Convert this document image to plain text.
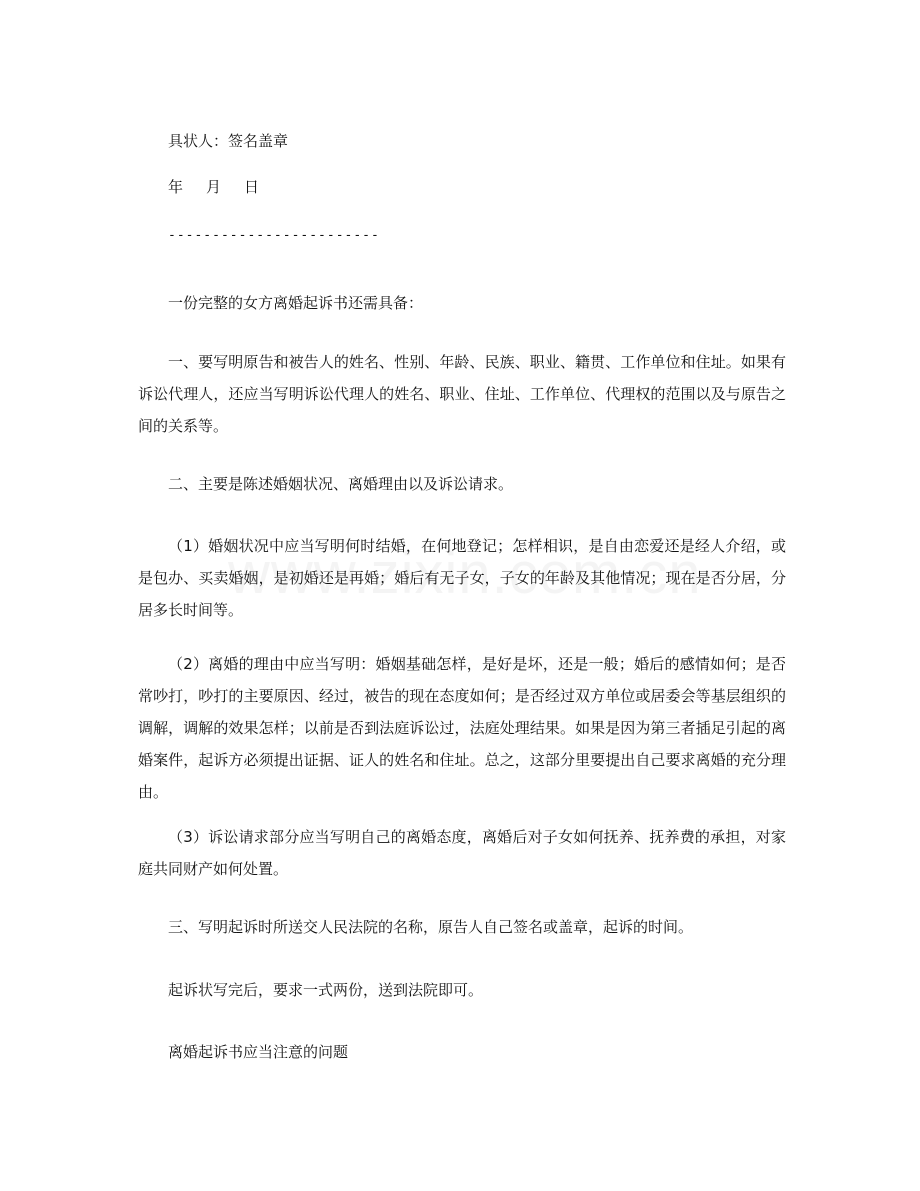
具状人：签名盖章
年　月　日
------------------------
一份完整的女方离婚起诉书还需具备：

一、要写明原告和被告人的姓名、性别、年龄、民族、职业、籍贯、工作单位和住址。如果有诉讼代理人，还应当写明诉讼代理人的姓名、职业、住址、工作单位、代理权的范围以及与原告之间的关系等。

二、主要是陈述婚姻状况、离婚理由以及诉讼请求。

（1）婚姻状况中应当写明何时结婚，在何地登记；怎样相识，是自由恋爱还是经人介绍，或是包办、买卖婚姻，是初婚还是再婚；婚后有无子女，子女的年龄及其他情况；现在是否分居，分居多长时间等。

（2）离婚的理由中应当写明：婚姻基础怎样，是好是坏，还是一般；婚后的感情如何；是否常吵打，吵打的主要原因、经过，被告的现在态度如何；是否经过双方单位或居委会等基层组织的调解，调解的效果怎样；以前是否到法庭诉讼过，法庭处理结果。如果是因为第三者插足引起的离婚案件，起诉方必须提出证据、证人的姓名和住址。总之，这部分里要提出自己要求离婚的充分理由。

（3）诉讼请求部分应当写明自己的离婚态度，离婚后对子女如何抚养、抚养费的承担，对家庭共同财产如何处置。

三、写明起诉时所送交人民法院的名称，原告人自己签名或盖章，起诉的时间。
起诉状写完后，要求一式两份，送到法院即可。
离婚起诉书应当注意的问题
